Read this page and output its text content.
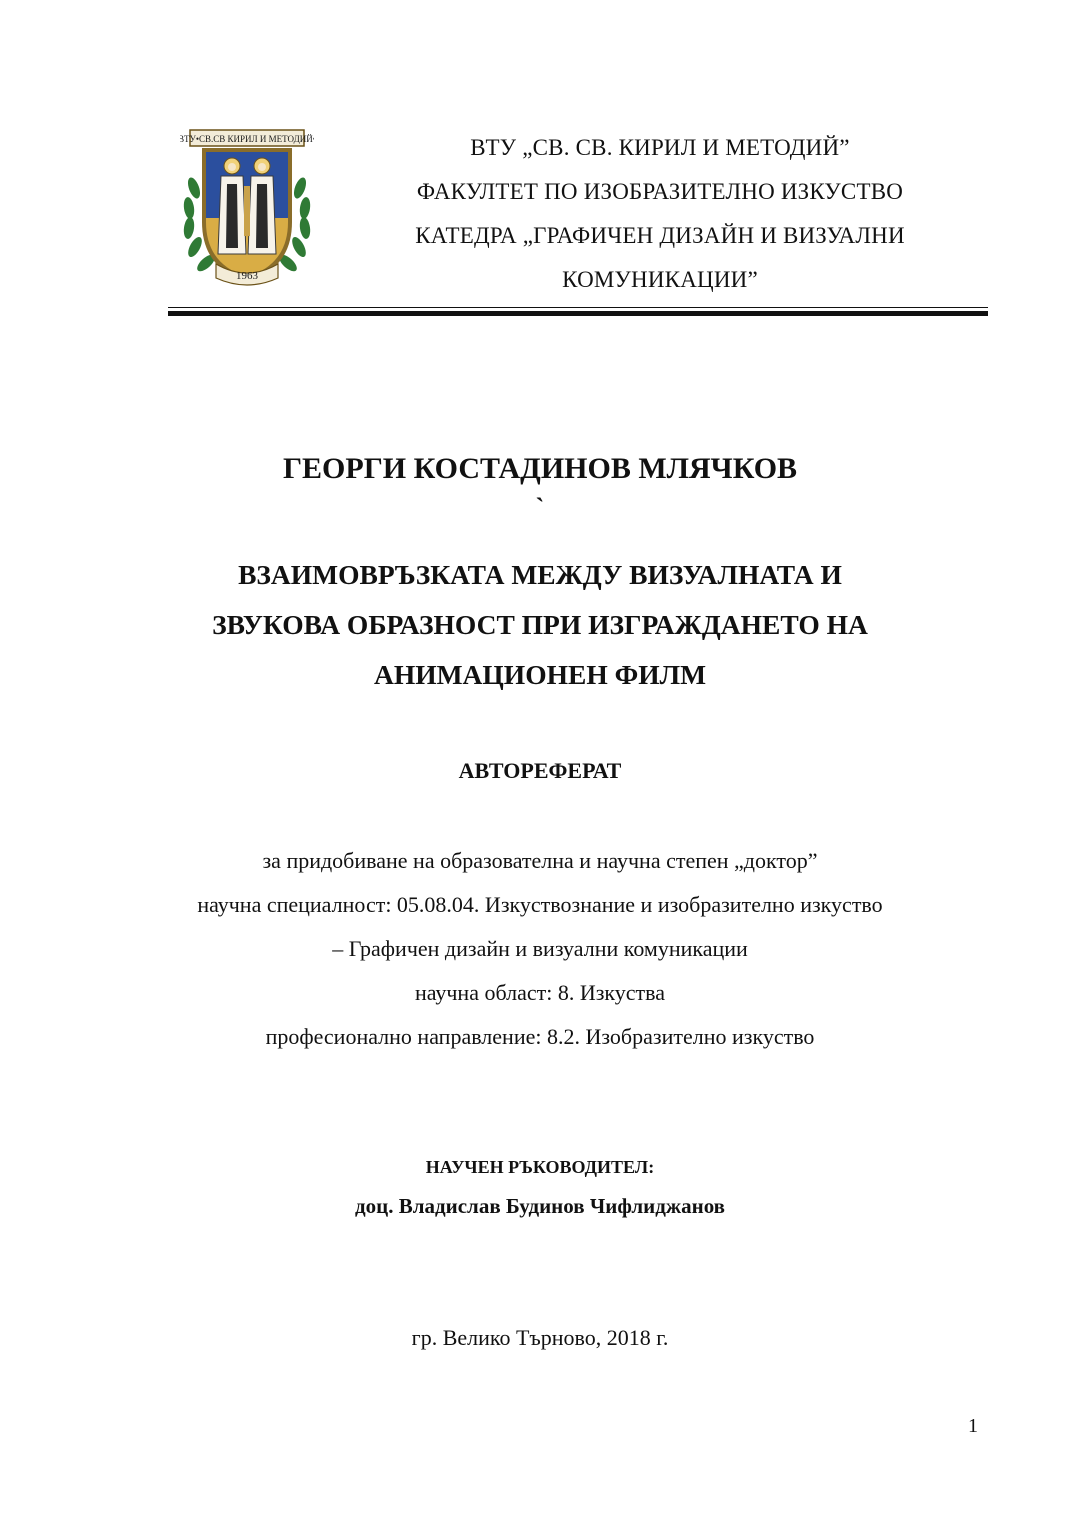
ВТУ•СВ.СВ КИРИЛ И МЕТОДИЙ•
1963
ВТУ „СВ. СВ. КИРИЛ И МЕТОДИЙ”
ФАКУЛТЕТ ПО ИЗОБРАЗИТЕЛНО ИЗКУСТВО
КАТЕДРА „ГРАФИЧЕН ДИЗАЙН И ВИЗУАЛНИ
КОМУНИКАЦИИ”
ГЕОРГИ КОСТАДИНОВ МЛЯЧКОВ
`
ВЗАИМОВРЪЗКАТА МЕЖДУ ВИЗУАЛНАТА И
ЗВУКОВА ОБРАЗНОСТ ПРИ ИЗГРАЖДАНЕТО НА
АНИМАЦИОНЕН ФИЛМ
АВТОРЕФЕРАТ
за придобиване на образователна и научна степен „доктор”
научна специалност: 05.08.04. Изкуствознание и изобразително изкуство
– Графичен дизайн и визуални комуникации
научна област: 8. Изкуства
професионално направление: 8.2. Изобразително изкуство
НАУЧЕН РЪКОВОДИТЕЛ:
доц. Владислав Будинов Чифлиджанов
гр. Велико Търново, 2018 г.
1
